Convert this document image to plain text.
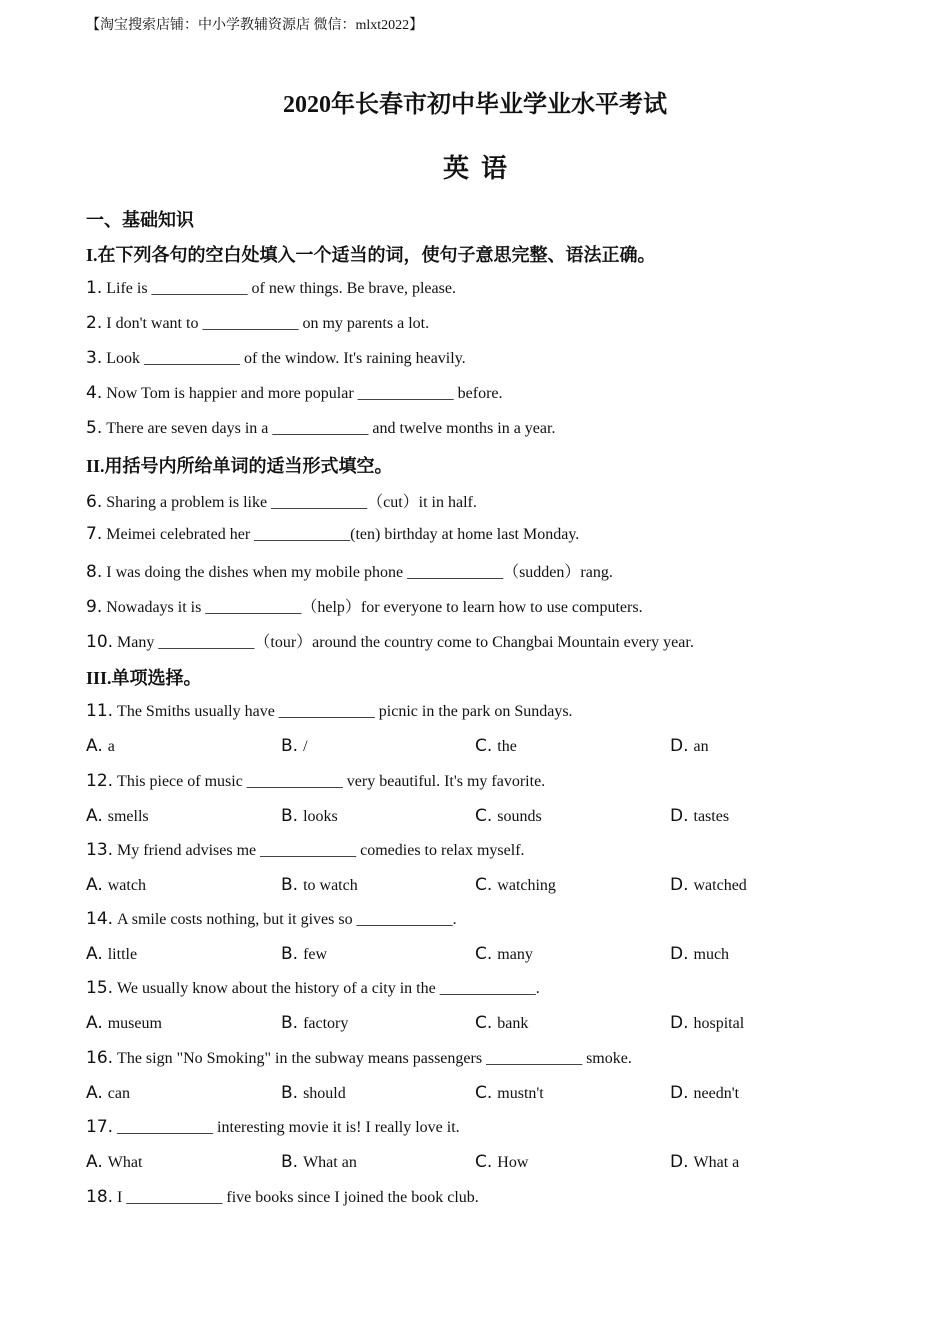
【淘宝搜索店铺：中小学教辅资源店 微信：mlxt2022】
2020年长春市初中毕业学业水平考试
英语
一、基础知识
I.在下列各句的空白处填入一个适当的词，使句子意思完整、语法正确。
1. Life is ____________ of new things. Be brave, please.
2. I don't want to ____________ on my parents a lot.
3. Look ____________ of the window. It's raining heavily.
4. Now Tom is happier and more popular ____________ before.
5. There are seven days in a ____________ and twelve months in a year.
II.用括号内所给单词的适当形式填空。
6. Sharing a problem is like ____________（cut）it in half.
7. Meimei celebrated her ____________(ten) birthday at home last Monday.
8. I was doing the dishes when my mobile phone ____________（sudden）rang.
9. Nowadays it is ____________（help）for everyone to learn how to use computers.
10. Many ____________（tour）around the country come to Changbai Mountain every year.
III.单项选择。
11. The Smiths usually have ____________ picnic in the park on Sundays.
A. a	B. /	C. the	D. an
12. This piece of music ____________ very beautiful. It's my favorite.
A. smells	B. looks	C. sounds	D. tastes
13. My friend advises me ____________ comedies to relax myself.
A. watch	B. to watch	C. watching	D. watched
14. A smile costs nothing, but it gives so ____________.
A. little	B. few	C. many	D. much
15. We usually know about the history of a city in the ____________.
A. museum	B. factory	C. bank	D. hospital
16. The sign "No Smoking" in the subway means passengers ____________ smoke.
A. can	B. should	C. mustn't	D. needn't
17. ____________ interesting movie it is! I really love it.
A. What	B. What an	C. How	D. What a
18. I ____________ five books since I joined the book club.
